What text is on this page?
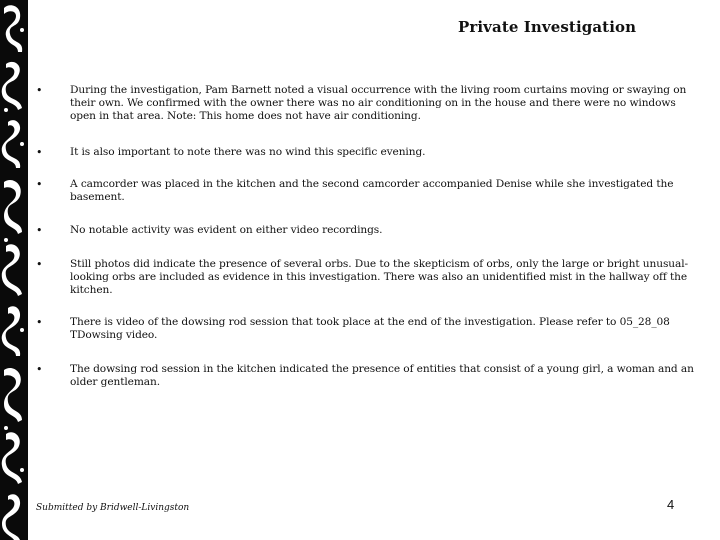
Private Investigation
•	During the investigation, Pam Barnett noted a visual occurrence with the living room curtains moving or swaying on their own. We confirmed with the owner there was no air conditioning on in the house and there were no windows open in that area. Note: This home does not have air conditioning.
•	It is also important to note there was no wind this specific evening.
•	A camcorder was placed in the kitchen and the second camcorder accompanied Denise while she investigated the basement.
•	No notable activity was evident on either video recordings.
•	Still photos did indicate the presence of several orbs. Due to the skepticism of orbs, only the large or bright unusual-looking orbs are included as evidence in this investigation. There was also an unidentified mist in the hallway off the kitchen.
•	There is video of the dowsing rod session that took place at the end of the investigation. Please refer to 05_28_08 TDowsing video.
•	The dowsing rod session in the kitchen indicated the presence of entities that consist of a young girl, a woman and an older gentleman.
Submitted by Bridwell-Livingston	4
